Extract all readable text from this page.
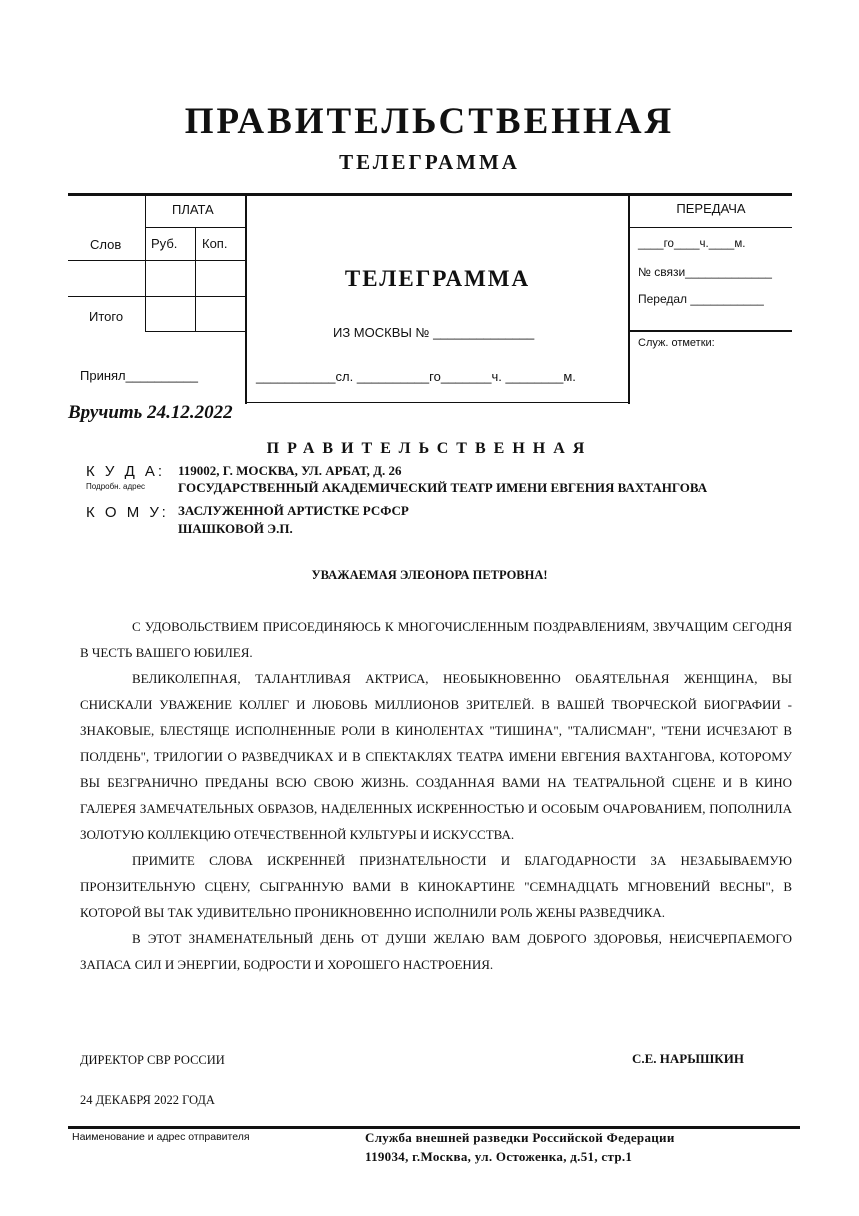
ПРАВИТЕЛЬСТВЕННАЯ
ТЕЛЕГРАММА
ПЛАТА
Слов Руб. Коп.
Итого
Принял__________
ТЕЛЕГРАММА
ИЗ МОСКВЫ № ______________
___________сл. __________го_______ч. ________м.
ПЕРЕДАЧА
____го____ч.____м.
№ связи_____________
Передал ___________
Служ. отметки:
Вручить 24.12.2022
ПРАВИТЕЛЬСТВЕННАЯ
К У Д А: 119002, Г. МОСКВА, УЛ. АРБАТ, Д. 26
Подробн. адрес	ГОСУДАРСТВЕННЫЙ АКАДЕМИЧЕСКИЙ ТЕАТР ИМЕНИ ЕВГЕНИЯ ВАХТАНГОВА
К О М У: ЗАСЛУЖЕННОЙ АРТИСТКЕ РСФСР
ШАШКОВОЙ Э.П.
УВАЖАЕМАЯ ЭЛЕОНОРА ПЕТРОВНА!

С УДОВОЛЬСТВИЕМ ПРИСОЕДИНЯЮСЬ К МНОГОЧИСЛЕННЫМ ПОЗДРАВЛЕНИЯМ, ЗВУЧАЩИМ СЕГОДНЯ В ЧЕСТЬ ВАШЕГО ЮБИЛЕЯ.

ВЕЛИКОЛЕПНАЯ, ТАЛАНТЛИВАЯ АКТРИСА, НЕОБЫКНОВЕННО ОБАЯТЕЛЬНАЯ ЖЕНЩИНА, ВЫ СНИСКАЛИ УВАЖЕНИЕ КОЛЛЕГ И ЛЮБОВЬ МИЛЛИОНОВ ЗРИТЕЛЕЙ. В ВАШЕЙ ТВОРЧЕСКОЙ БИОГРАФИИ - ЗНАКОВЫЕ, БЛЕСТЯЩЕ ИСПОЛНЕННЫЕ РОЛИ В КИНОЛЕНТАХ "ТИШИНА", "ТАЛИСМАН", "ТЕНИ ИСЧЕЗАЮТ В ПОЛДЕНЬ", ТРИЛОГИИ О РАЗВЕДЧИКАХ И В СПЕКТАКЛЯХ ТЕАТРА ИМЕНИ ЕВГЕНИЯ ВАХТАНГОВА, КОТОРОМУ ВЫ БЕЗГРАНИЧНО ПРЕДАНЫ ВСЮ СВОЮ ЖИЗНЬ. СОЗДАННАЯ ВАМИ НА ТЕАТРАЛЬНОЙ СЦЕНЕ И В КИНО ГАЛЕРЕЯ ЗАМЕЧАТЕЛЬНЫХ ОБРАЗОВ, НАДЕЛЕННЫХ ИСКРЕННОСТЬЮ И ОСОБЫМ ОЧАРОВАНИЕМ, ПОПОЛНИЛА ЗОЛОТУЮ КОЛЛЕКЦИЮ ОТЕЧЕСТВЕННОЙ КУЛЬТУРЫ И ИСКУССТВА.

ПРИМИТЕ СЛОВА ИСКРЕННЕЙ ПРИЗНАТЕЛЬНОСТИ И БЛАГОДАРНОСТИ ЗА НЕЗАБЫВАЕМУЮ ПРОНЗИТЕЛЬНУЮ СЦЕНУ, СЫГРАННУЮ ВАМИ В КИНОКАРТИНЕ "СЕМНАДЦАТЬ МГНОВЕНИЙ ВЕСНЫ", В КОТОРОЙ ВЫ ТАК УДИВИТЕЛЬНО ПРОНИКНОВЕННО ИСПОЛНИЛИ РОЛЬ ЖЕНЫ РАЗВЕДЧИКА.

В ЭТОТ ЗНАМЕНАТЕЛЬНЫЙ ДЕНЬ ОТ ДУШИ ЖЕЛАЮ ВАМ ДОБРОГО ЗДОРОВЬЯ, НЕИСЧЕРПАЕМОГО ЗАПАСА СИЛ И ЭНЕРГИИ, БОДРОСТИ И ХОРОШЕГО НАСТРОЕНИЯ.

ДИРЕКТОР СВР РОССИИ	С.Е. НАРЫШКИН
24 ДЕКАБРЯ 2022 ГОДА
Наименование и адрес отправителя	Служба внешней разведки Российской Федерации
119034, г.Москва, ул. Остоженка, д.51, стр.1
